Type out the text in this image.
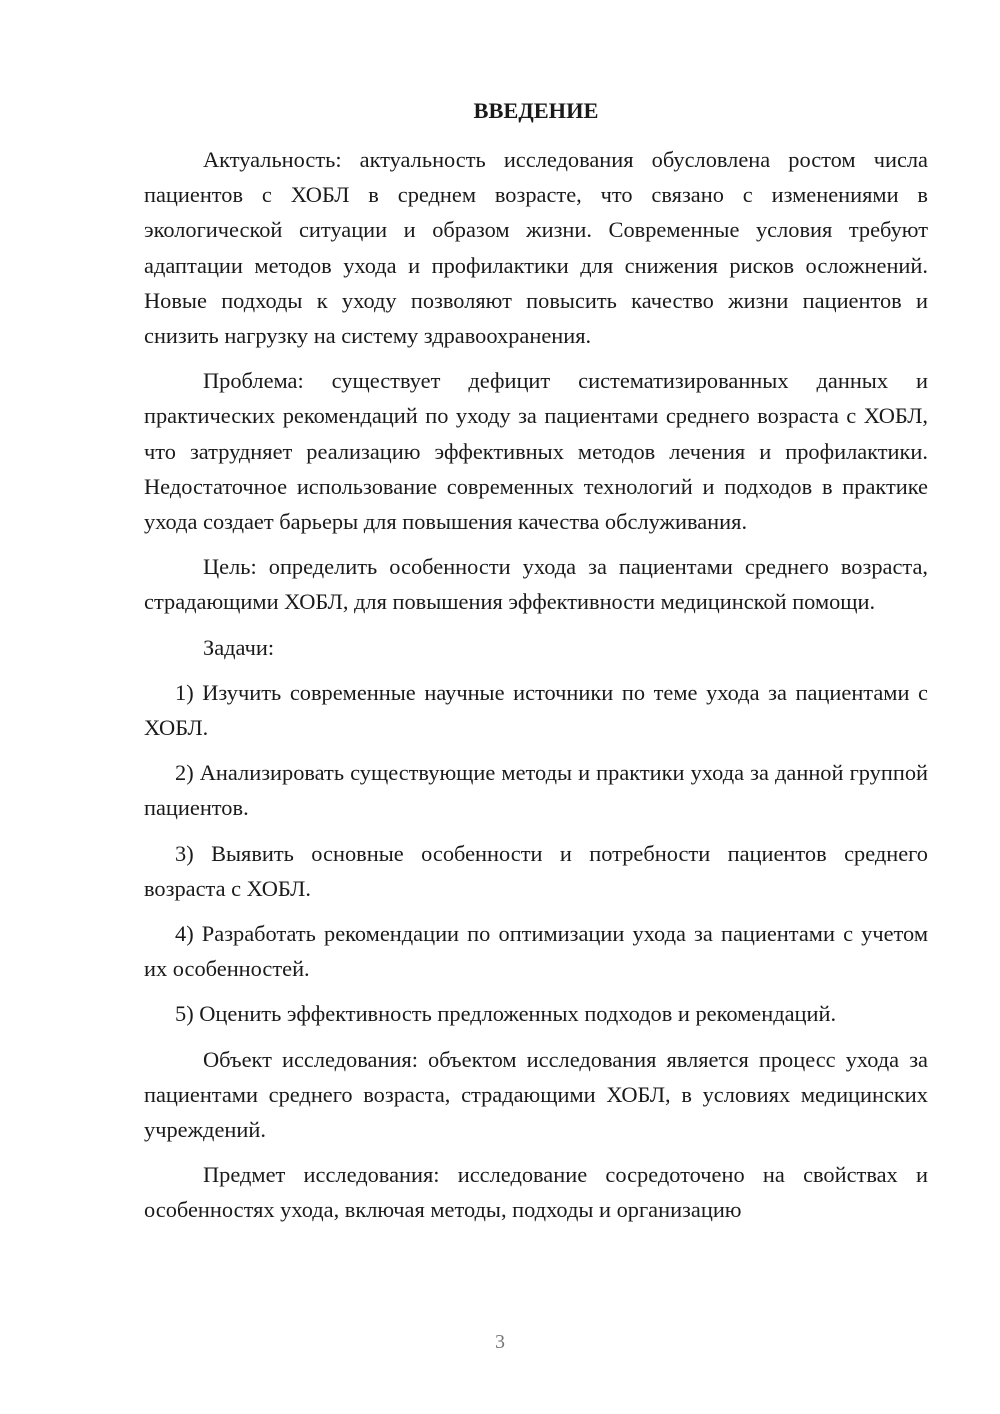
ВВЕДЕНИЕ

Актуальность: актуальность исследования обусловлена ростом числа пациентов с ХОБЛ в среднем возрасте, что связано с изменениями в экологической ситуации и образом жизни. Современные условия требуют адаптации методов ухода и профилактики для снижения рисков осложнений. Новые подходы к уходу позволяют повысить качество жизни пациентов и снизить нагрузку на систему здравоохранения.

Проблема: существует дефицит систематизированных данных и практических рекомендаций по уходу за пациентами среднего возраста с ХОБЛ, что затрудняет реализацию эффективных методов лечения и профилактики. Недостаточное использование современных технологий и подходов в практике ухода создает барьеры для повышения качества обслуживания.

Цель: определить особенности ухода за пациентами среднего возраста, страдающими ХОБЛ, для повышения эффективности медицинской помощи.

Задачи:

1) Изучить современные научные источники по теме ухода за пациентами с ХОБЛ.

2) Анализировать существующие методы и практики ухода за данной группой пациентов.

3) Выявить основные особенности и потребности пациентов среднего возраста с ХОБЛ.

4) Разработать рекомендации по оптимизации ухода за пациентами с учетом их особенностей.

5) Оценить эффективность предложенных подходов и рекомендаций.

Объект исследования: объектом исследования является процесс ухода за пациентами среднего возраста, страдающими ХОБЛ, в условиях медицинских учреждений.

Предмет исследования: исследование сосредоточено на свойствах и особенностях ухода, включая методы, подходы и организацию

3
